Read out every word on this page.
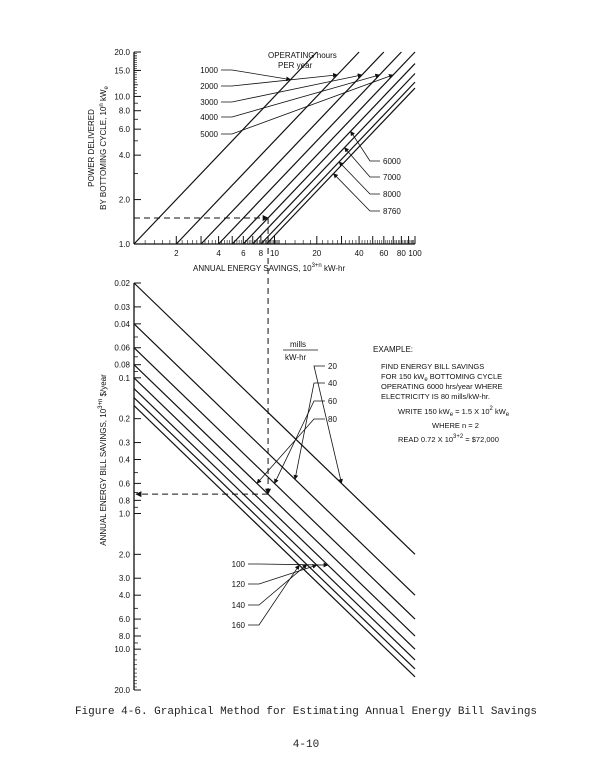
1.0
2.0
4.0
6.0
8.0
10.0
15.0
20.0
2	4	6 8 10	20	40 60 80 100
1000
2000
3000
4000
5000
6000
7000
8000
8760
OPERATING hours
PER year
POWER DELIVERED BY BOTTOMING CYCLE, 10$^n$ $kW_e$
ANNUAL ENERGY SAVINGS, $10^{3+n}$ kW-hr
0.02
0.03
0.04
0.06
0.08
0.1
0.2
0.3
0.4
0.6
0.8
1.0
2.0
3.0
4.0
6.0
8.0
10.0
20.0
20
40
60
80
100
120
140
160
mills
kW-hr
ANNUAL ENERGY BILL SAVINGS, $10^{3+n}$ $/year
EXAMPLE:
FIND ENERGY BILL SAVINGS
FOR 150 $kW_e$ BOTTOMING CYCLE
OPERATING 6000 hrs/year WHERE
ELECTRICITY IS 80 mills/kW-hr.
WRITE 150 $kW_e = 1.5$ X $10^2$ $kW_e$
WHERE n = 2
READ 0.72 X $10^{3+2}$ = $72,000
Figure 4-6. Graphical Method for Estimating Annual Energy Bill Savings
4-10
